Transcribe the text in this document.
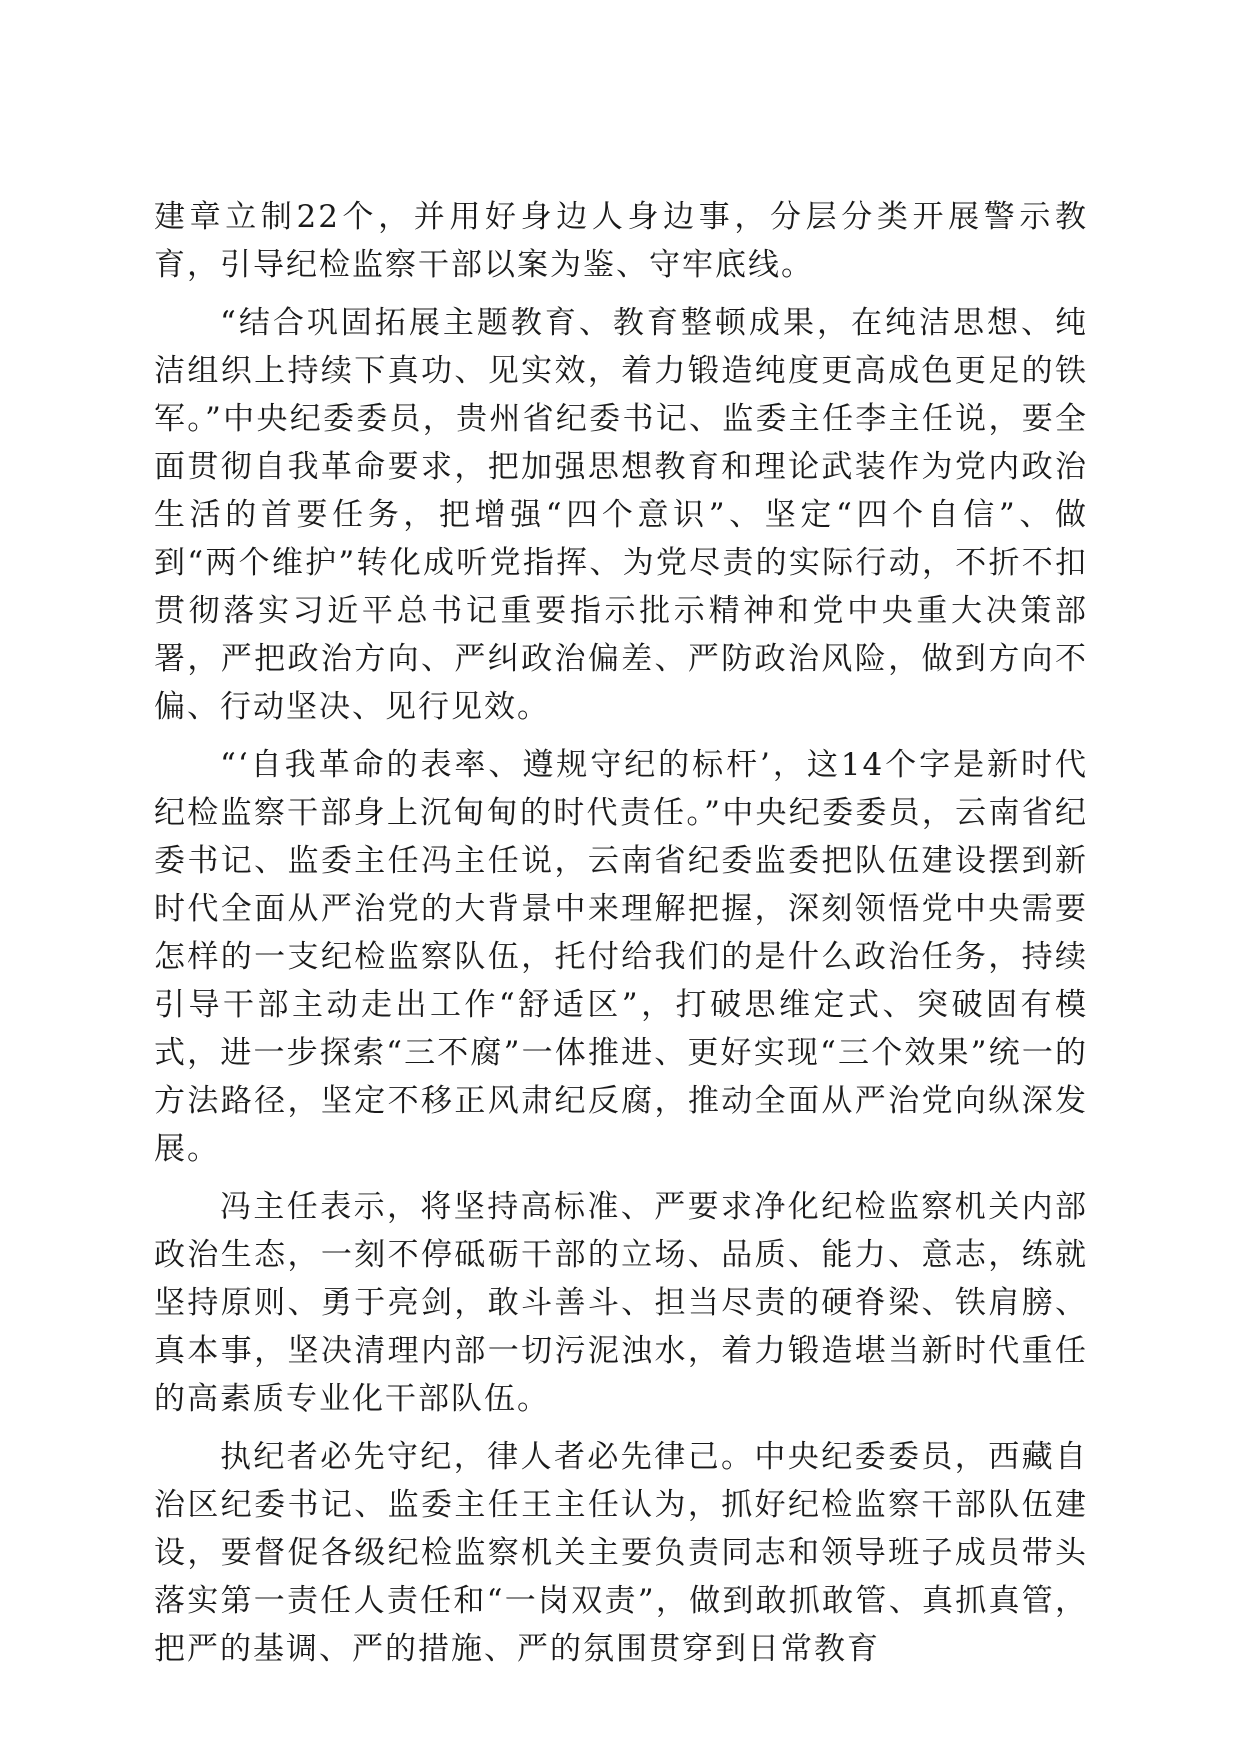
建章立制22个，并用好身边人身边事，分层分类开展警示教育，引导纪检监察干部以案为鉴、守牢底线。

“结合巩固拓展主题教育、教育整顿成果，在纯洁思想、纯洁组织上持续下真功、见实效，着力锻造纯度更高成色更足的铁军。”中央纪委委员，贵州省纪委书记、监委主任李主任说，要全面贯彻自我革命要求，把加强思想教育和理论武装作为党内政治生活的首要任务，把增强“四个意识”、坚定“四个自信”、做到“两个维护”转化成听党指挥、为党尽责的实际行动，不折不扣贯彻落实习近平总书记重要指示批示精神和党中央重大决策部署，严把政治方向、严纠政治偏差、严防政治风险，做到方向不偏、行动坚决、见行见效。

“‘自我革命的表率、遵规守纪的标杆’，这14个字是新时代纪检监察干部身上沉甸甸的时代责任。”中央纪委委员，云南省纪委书记、监委主任冯主任说，云南省纪委监委把队伍建设摆到新时代全面从严治党的大背景中来理解把握，深刻领悟党中央需要怎样的一支纪检监察队伍，托付给我们的是什么政治任务，持续引导干部主动走出工作“舒适区”，打破思维定式、突破固有模式，进一步探索“三不腐”一体推进、更好实现“三个效果”统一的方法路径，坚定不移正风肃纪反腐，推动全面从严治党向纵深发展。

冯主任表示，将坚持高标准、严要求净化纪检监察机关内部政治生态，一刻不停砥砺干部的立场、品质、能力、意志，练就坚持原则、勇于亮剑，敢斗善斗、担当尽责的硬脊梁、铁肩膀、真本事，坚决清理内部一切污泥浊水，着力锻造堪当新时代重任的高素质专业化干部队伍。

执纪者必先守纪，律人者必先律己。中央纪委委员，西藏自治区纪委书记、监委主任王主任认为，抓好纪检监察干部队伍建设，要督促各级纪检监察机关主要负责同志和领导班子成员带头落实第一责任人责任和“一岗双责”，做到敢抓敢管、真抓真管，把严的基调、严的措施、严的氛围贯穿到日常教育
